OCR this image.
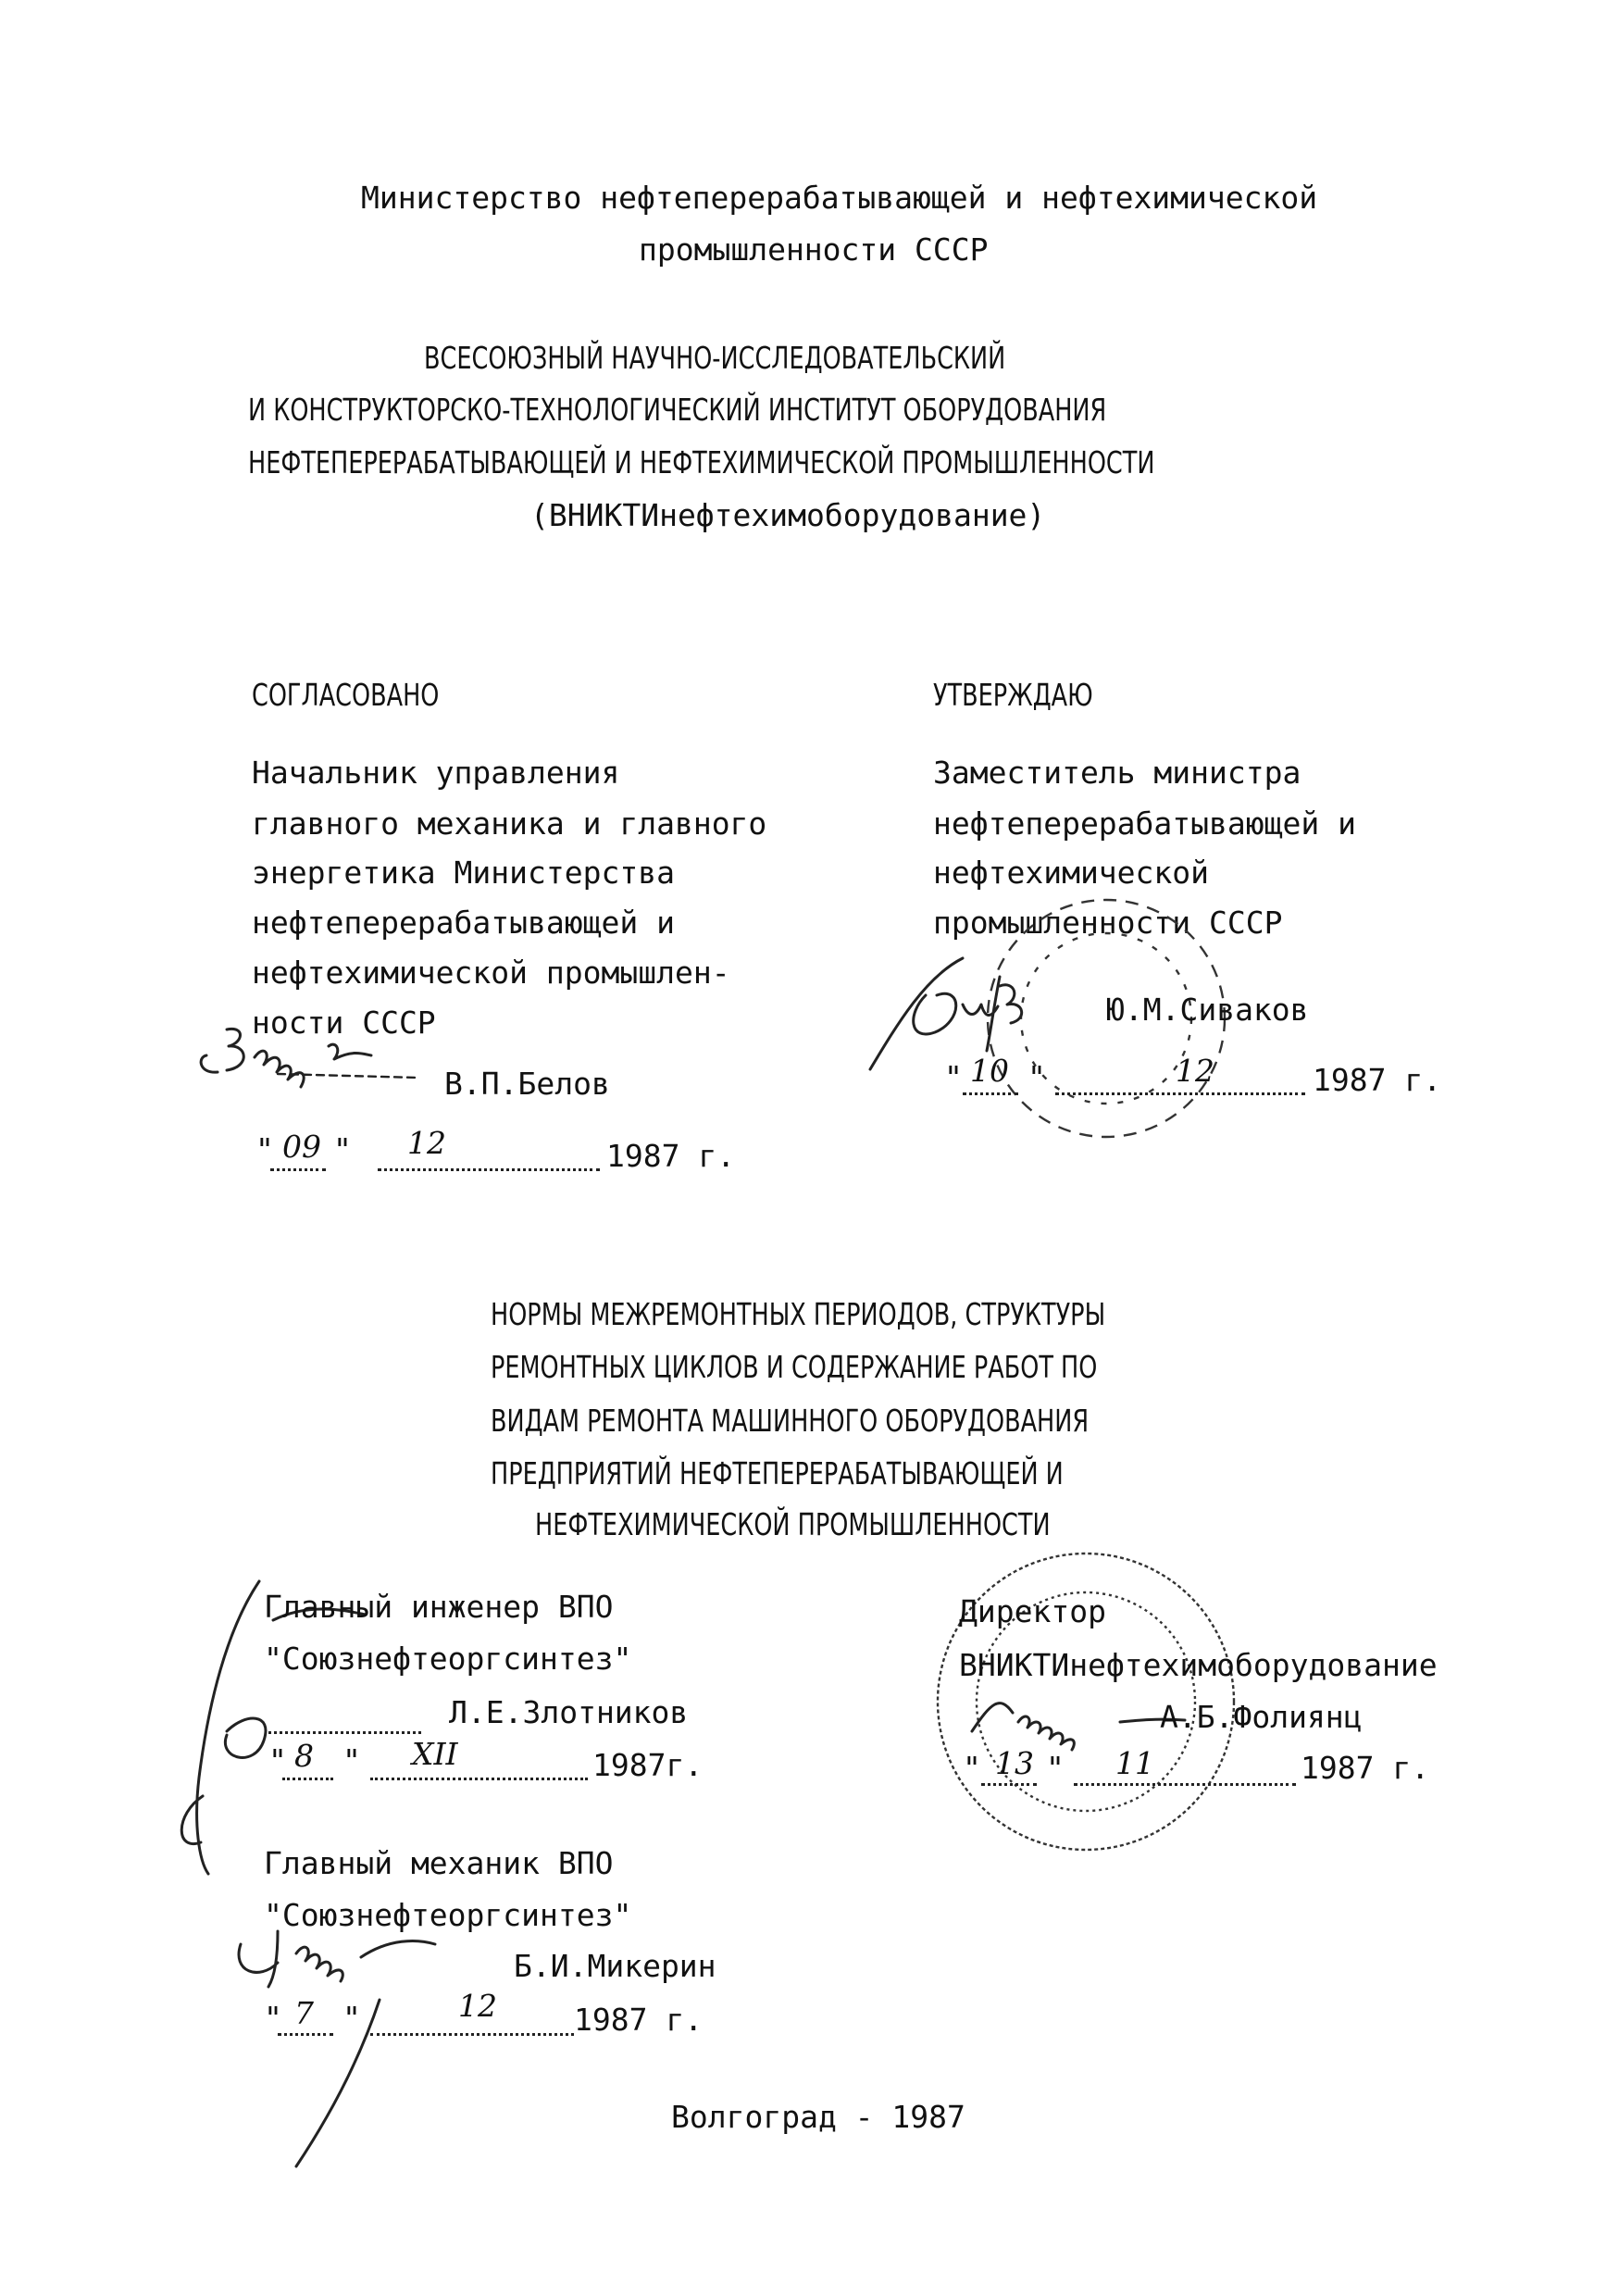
Министерство нефтеперерабатывающей и нефтехимической
промышленности СССР
ВСЕСОЮЗНЫЙ НАУЧНО-ИССЛЕДОВАТЕЛЬСКИЙ
И КОНСТРУКТОРСКО-ТЕХНОЛОГИЧЕСКИЙ ИНСТИТУТ ОБОРУДОВАНИЯ
НЕФТЕПЕРЕРАБАТЫВАЮЩЕЙ И НЕФТЕХИМИЧЕСКОЙ ПРОМЫШЛЕННОСТИ
(ВНИКТИнефтехимоборудование)
СОГЛАСОВАНО
Начальник управления
главного механика и главного
энергетика Министерства
нефтеперерабатывающей и
нефтехимической промышлен-
ности СССР
В.П.Белов
" 09 " 12	1987 г.
УТВЕРЖДАЮ
Заместитель министра
нефтеперерабатывающей и
нефтехимической
промышленности СССР
Ю.М.Сиваков
" 10 "	12	1987 г.
НОРМЫ МЕЖРЕМОНТНЫХ ПЕРИОДОВ, СТРУКТУРЫ
РЕМОНТНЫХ ЦИКЛОВ И СОДЕРЖАНИЕ РАБОТ ПО
ВИДАМ РЕМОНТА МАШИННОГО ОБОРУДОВАНИЯ
ПРЕДПРИЯТИЙ НЕФТЕПЕРЕРАБАТЫВАЮЩЕЙ И
НЕФТЕХИМИЧЕСКОЙ ПРОМЫШЛЕННОСТИ
Главный инженер ВПО
"Союзнефтеоргсинтез"
Л.Е.Злотников
" 8 " XII	1987г.
Главный механик ВПО
"Союзнефтеоргсинтез"
Б.И.Микерин
" 7 "	12	1987 г.
Директор
ВНИКТИнефтехимоборудование
А.Б.Фолиянц
" 13 " 11	1987 г.
Волгоград - 1987
